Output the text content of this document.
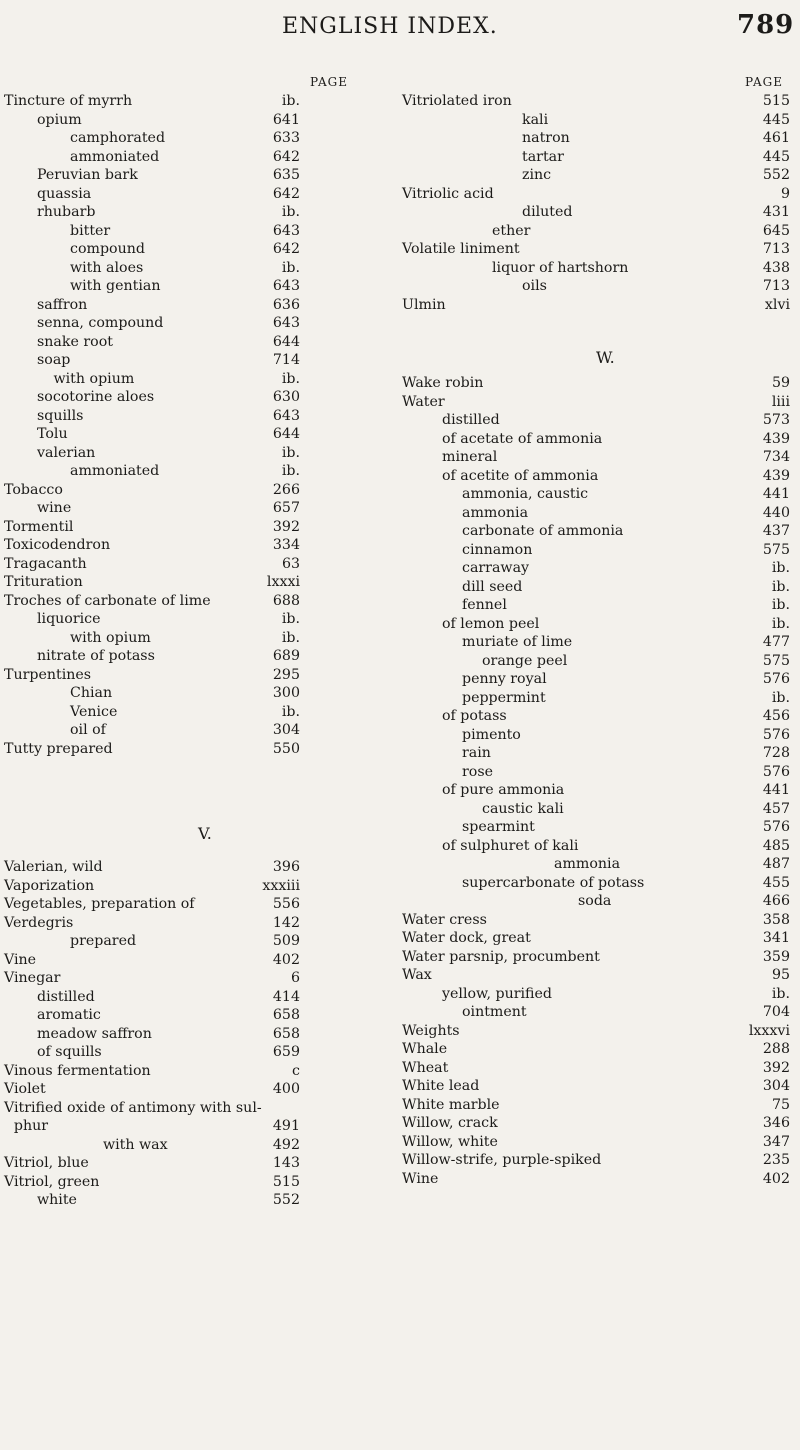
ENGLISH INDEX.	789
PAGE
Tincture of myrrh	ib.
opium	641
camphorated	633
ammoniated	642
Peruvian bark	635
quassia	642
rhubarb	ib.
bitter	643
compound	642
with aloes	ib.
with gentian	643
saffron	636
senna, compound	643
snake root	644
soap	714
with opium	ib.
socotorine aloes	630
squills	643
Tolu	644
valerian	ib.
ammoniated	ib.
Tobacco	266
wine	657
Tormentil	392
Toxicodendron	334
Tragacanth	63
Trituration	lxxxi
Troches of carbonate of lime	688
liquorice	ib.
with opium	ib.
nitrate of potass	689
Turpentines	295
Chian	300
Venice	ib.
oil of	304
Tutty prepared	550
V.
Valerian, wild	396
Vaporization	xxxiii
Vegetables, preparation of	556
Verdegris	142
prepared	509
Vine	402
Vinegar	6
distilled	414
aromatic	658
meadow saffron	658
of squills	659
Vinous fermentation	c
Violet	400
Vitrified oxide of antimony with sul-
phur	491
with wax	492
Vitriol, blue	143
Vitriol, green	515
white	552
PAGE
Vitriolated iron	515
kali	445
natron	461
tartar	445
zinc	552
Vitriolic acid	9
diluted	431
ether	645
Volatile liniment	713
liquor of hartshorn	438
oils	713
Ulmin	xlvi
W.
Wake robin	59
Water	liii
distilled	573
of acetate of ammonia	439
mineral	734
of acetite of ammonia	439
ammonia, caustic	441
ammonia	440
carbonate of ammonia	437
cinnamon	575
carraway	ib.
dill seed	ib.
fennel	ib.
of lemon peel	ib.
muriate of lime	477
orange peel	575
penny royal	576
peppermint	ib.
of potass	456
pimento	576
rain	728
rose	576
of pure ammonia	441
caustic kali	457
spearmint	576
of sulphuret of kali	485
ammonia	487
supercarbonate of potass	455
soda	466
Water cress	358
Water dock, great	341
Water parsnip, procumbent	359
Wax	95
yellow, purified	ib.
ointment	704
Weights	lxxxvi
Whale	288
Wheat	392
White lead	304
White marble	75
Willow, crack	346
Willow, white	347
Willow-strife, purple-spiked	235
Wine	402
